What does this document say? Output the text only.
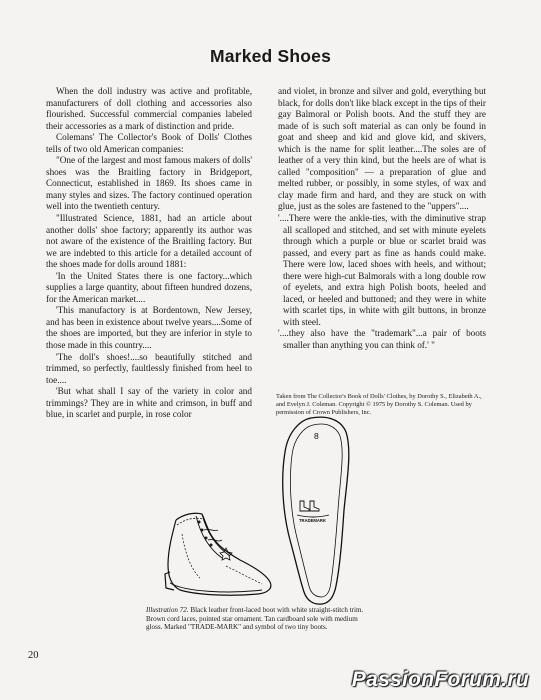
Marked Shoes

When the doll industry was active and profitable, manufacturers of doll clothing and accessories also flourished. Successful commercial companies labeled their accessories as a mark of distinction and pride.

Colemans' The Collector's Book of Dolls' Clothes tells of two old American companies:

"One of the largest and most famous makers of dolls' shoes was the Braitling factory in Bridgeport, Connecticut, established in 1869. Its shoes came in many styles and sizes. The factory continued operation well into the twentieth century.

"Illustrated Science, 1881, had an article about another dolls' shoe factory; apparently its author was not aware of the existence of the Braitling factory. But we are indebted to this article for a detailed account of the shoes made for dolls around 1881:

'In the United States there is one factory...which supplies a large quantity, about fifteen hundred dozens, for the American market....

'This manufactory is at Bordentown, New Jersey, and has been in existence about twelve years....Some of the shoes are imported, but they are inferior in style to those made in this country....

'The doll's shoes!....so beautifully stitched and trimmed, so perfectly, faultlessly finished from heel to toe....

'But what shall I say of the variety in color and trimmings? They are in white and crimson, in buff and blue, in scarlet and purple, in rose color

and violet, in bronze and silver and gold, everything but black, for dolls don't like black except in the tips of their gay Balmoral or Polish boots. And the stuff they are made of is such soft material as can only be found in goat and sheep and kid and glove kid, and skivers, which is the name for split leather....The soles are of leather of a very thin kind, but the heels are of what is called "composition" — a preparation of glue and melted rubber, or possibly, in some styles, of wax and clay made firm and hard, and they are stuck on with glue, just as the soles are fastened to the "uppers"....

'....There were the ankle-ties, with the diminutive strap all scalloped and stitched, and set with minute eyelets through which a purple or blue or scarlet braid was passed, and every part as fine as hands could make. There were low, laced shoes with heels, and without; there were high-cut Balmorals with a long double row of eyelets, and extra high Polish boots, heeled and laced, or heeled and buttoned; and they were in white with scarlet tips, in white with gilt buttons, in bronze with steel.

'....they also have the "trademark"...a pair of boots smaller than anything you can think of.' "

Taken from The Collector's Book of Dolls' Clothes, by Dorothy S., Elizabeth A., and Evelyn J. Coleman. Copyright © 1975 by Dorothy S. Coleman. Used by permission of Crown Publishers, Inc.
8
TRADEMARK
Illustration 72. Black leather front-laced boot with white straight-stitch trim. Brown cord laces, pointed star ornament. Tan cardboard sole with medium gloss. Marked "TRADE-MARK" and symbol of two tiny boots.
20
PassionForum.ru
